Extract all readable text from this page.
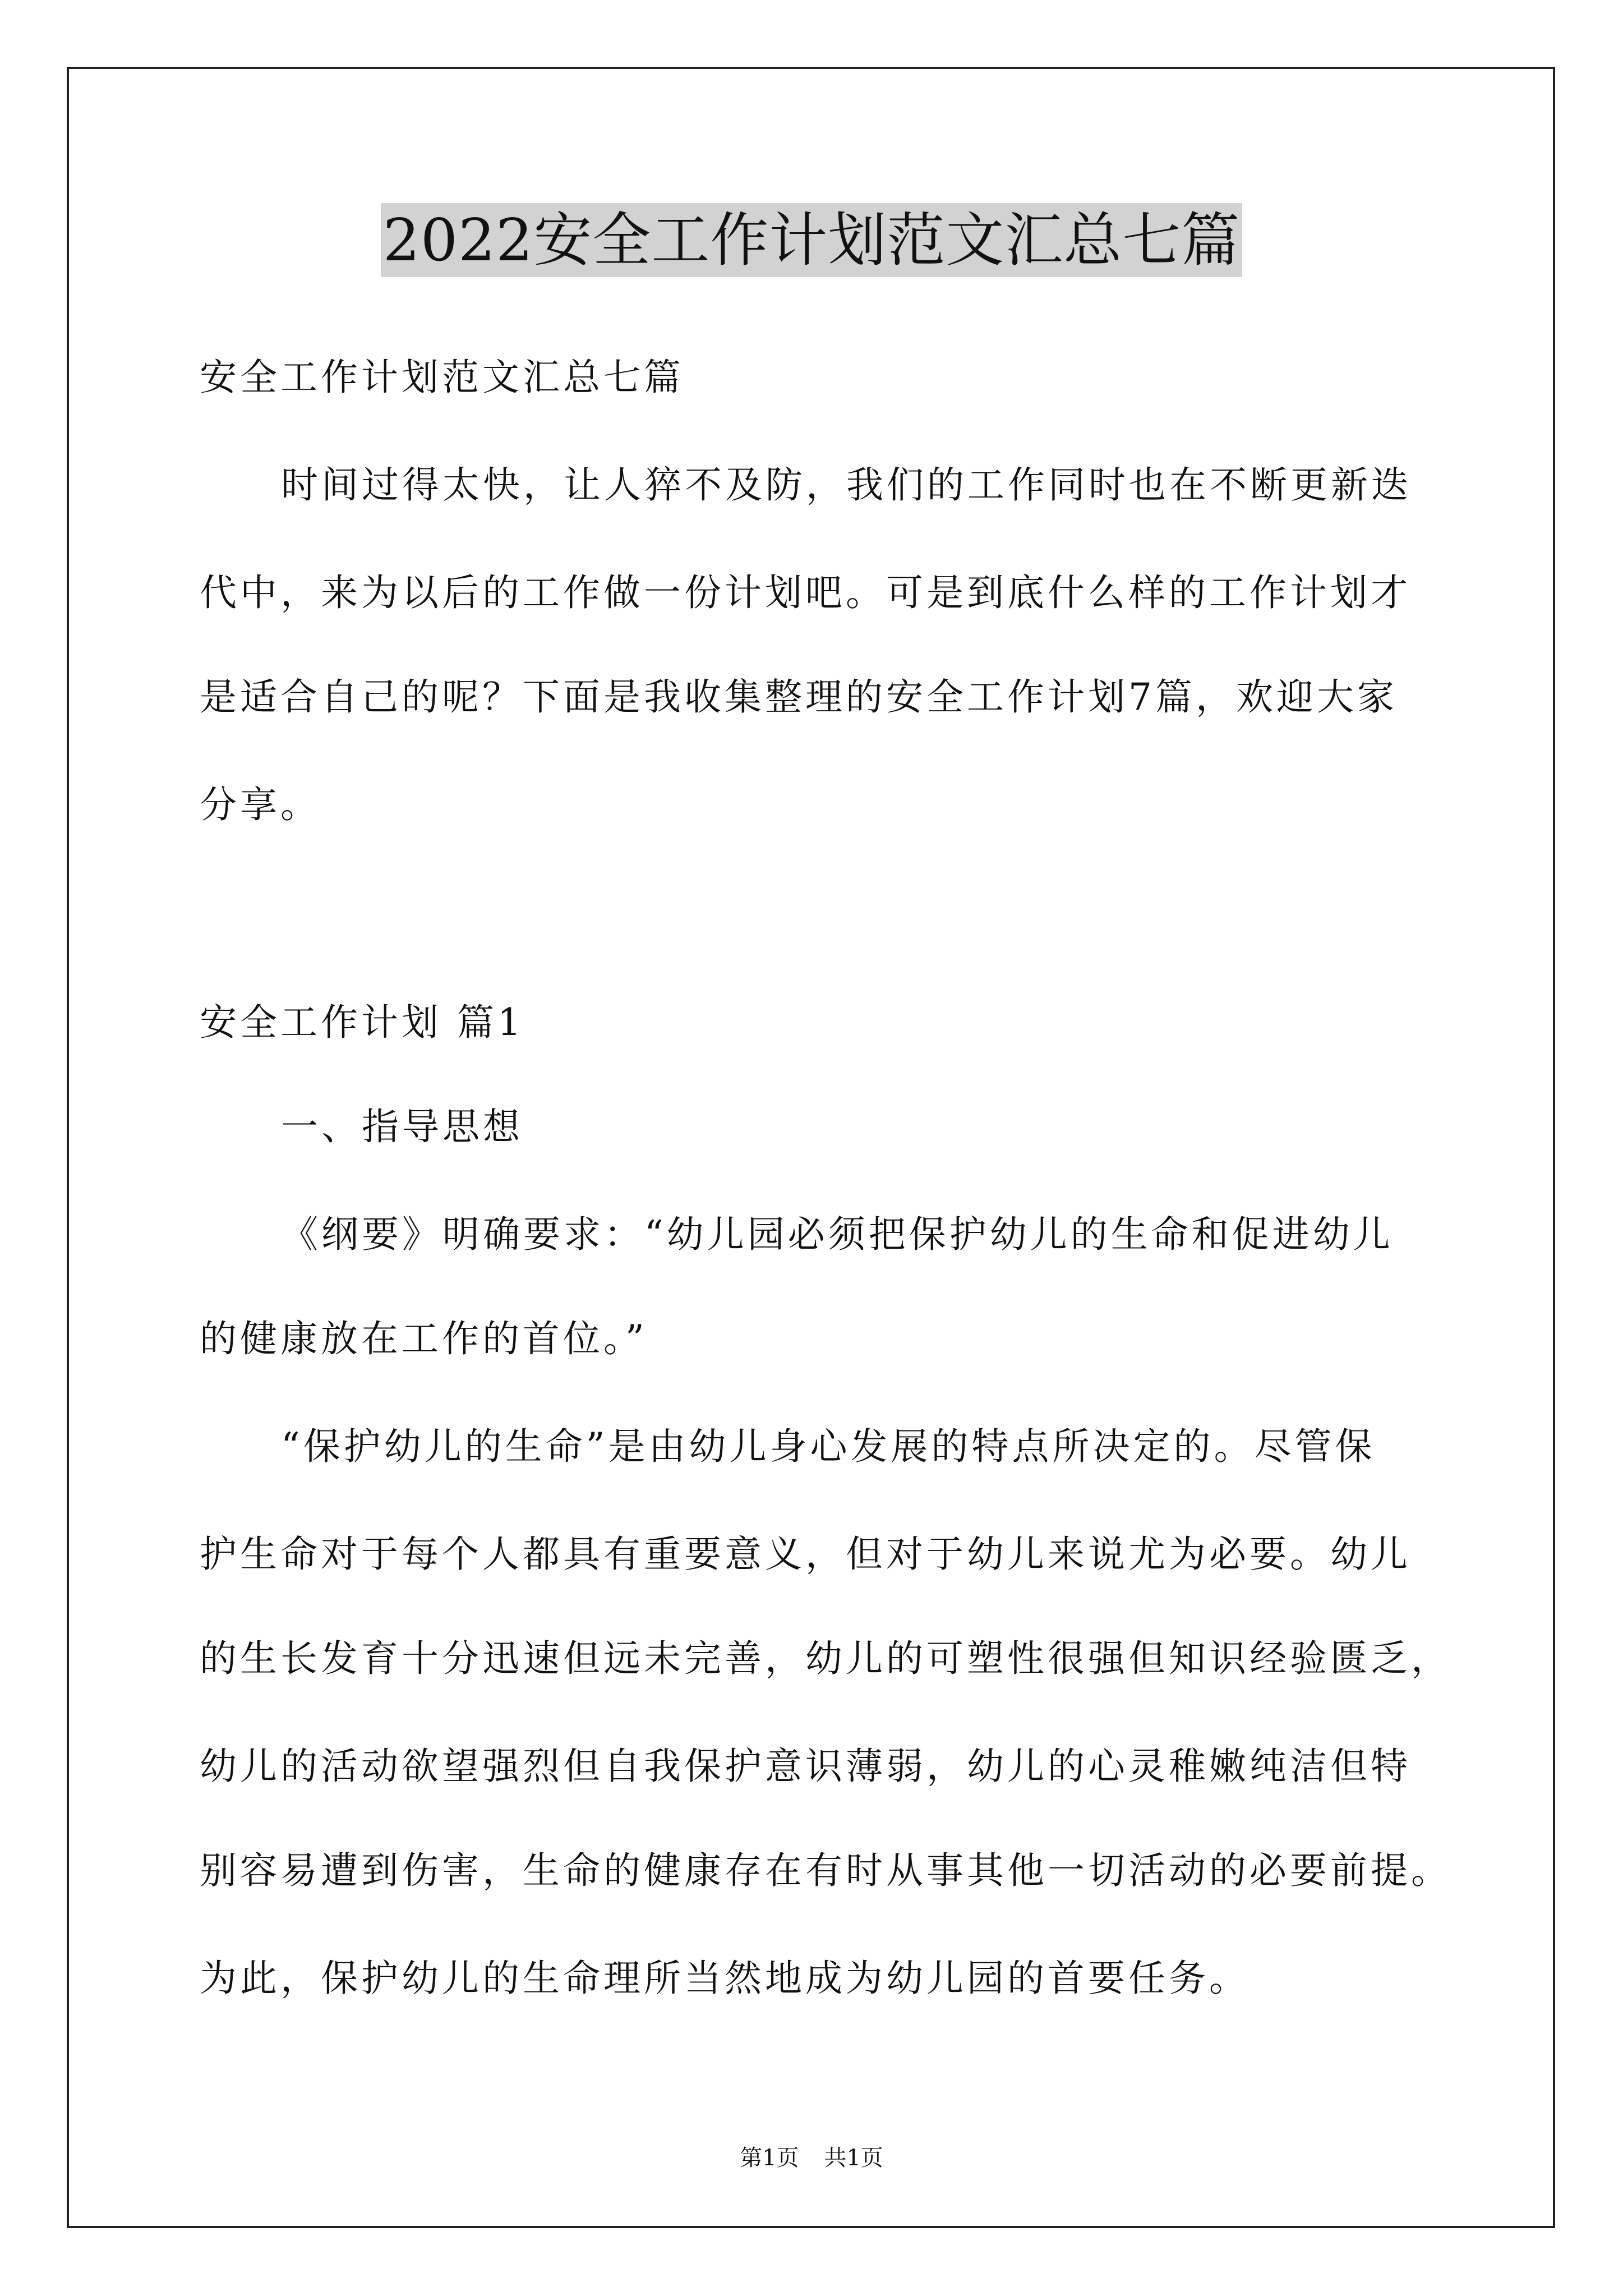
2022安全工作计划范文汇总七篇
安全工作计划范文汇总七篇
时间过得太快，让人猝不及防，我们的工作同时也在不断更新迭
代中，来为以后的工作做一份计划吧。可是到底什么样的工作计划才
是适合自己的呢？下面是我收集整理的安全工作计划7篇，欢迎大家
分享。
安全工作计划 篇1
一、指导思想
《纲要》明确要求：“幼儿园必须把保护幼儿的生命和促进幼儿
的健康放在工作的首位。”
“保护幼儿的生命”是由幼儿身心发展的特点所决定的。尽管保
护生命对于每个人都具有重要意义，但对于幼儿来说尤为必要。幼儿
的生长发育十分迅速但远未完善，幼儿的可塑性很强但知识经验匮乏，
幼儿的活动欲望强烈但自我保护意识薄弱，幼儿的心灵稚嫩纯洁但特
别容易遭到伤害，生命的健康存在有时从事其他一切活动的必要前提。
为此，保护幼儿的生命理所当然地成为幼儿园的首要任务。
第1页 共1页
